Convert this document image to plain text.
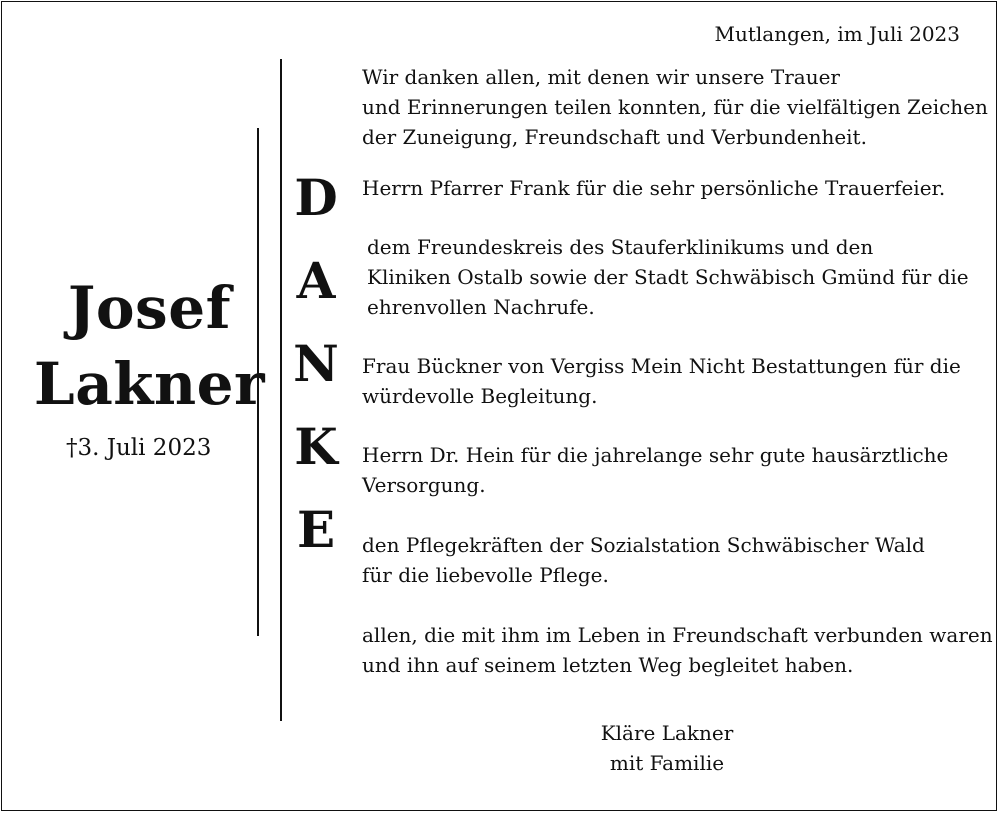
Mutlangen, im Juli 2023
Josef
Lakner
†3. Juli 2023
D
A
N
K
E
Wir danken allen, mit denen wir unsere Trauer
und Erinnerungen teilen konnten, für die vielfältigen Zeichen
der Zuneigung, Freundschaft und Verbundenheit.
Herrn Pfarrer Frank für die sehr persönliche Trauerfeier.
dem Freundeskreis des Stauferklinikums und den
Kliniken Ostalb sowie der Stadt Schwäbisch Gmünd für die
ehrenvollen Nachrufe.
Frau Bückner von Vergiss Mein Nicht Bestattungen für die
würdevolle Begleitung.
Herrn Dr. Hein für die jahrelange sehr gute hausärztliche
Versorgung.
den Pflegekräften der Sozialstation Schwäbischer Wald
für die liebevolle Pflege.
allen, die mit ihm im Leben in Freundschaft verbunden waren
und ihn auf seinem letzten Weg begleitet haben.
Kläre Lakner
mit Familie
